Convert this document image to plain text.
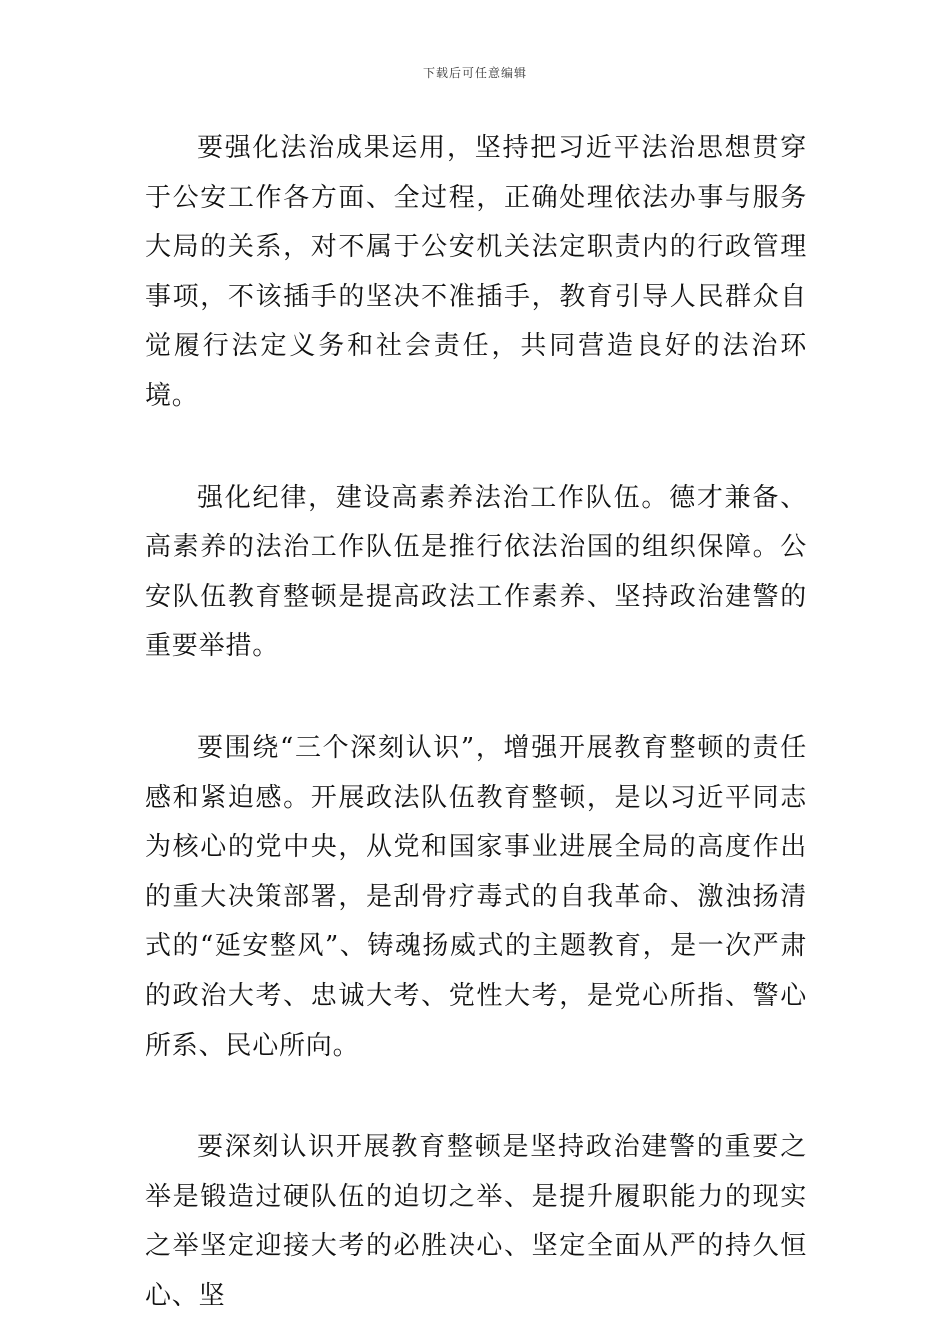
下载后可任意编辑

要强化法治成果运用，坚持把习近平法治思想贯穿于公安工作各方面、全过程，正确处理依法办事与服务大局的关系，对不属于公安机关法定职责内的行政管理事项，不该插手的坚决不准插手，教育引导人民群众自觉履行法定义务和社会责任，共同营造良好的法治环境。

强化纪律，建设高素养法治工作队伍。德才兼备、高素养的法治工作队伍是推行依法治国的组织保障。公安队伍教育整顿是提高政法工作素养、坚持政治建警的重要举措。

要围绕“三个深刻认识”，增强开展教育整顿的责任感和紧迫感。开展政法队伍教育整顿，是以习近平同志为核心的党中央，从党和国家事业进展全局的高度作出的重大决策部署，是刮骨疗毒式的自我革命、激浊扬清式的“延安整风”、铸魂扬威式的主题教育，是一次严肃的政治大考、忠诚大考、党性大考，是党心所指、警心所系、民心所向。

要深刻认识开展教育整顿是坚持政治建警的重要之举是锻造过硬队伍的迫切之举、是提升履职能力的现实之举坚定迎接大考的必胜决心、坚定全面从严的持久恒心、坚
